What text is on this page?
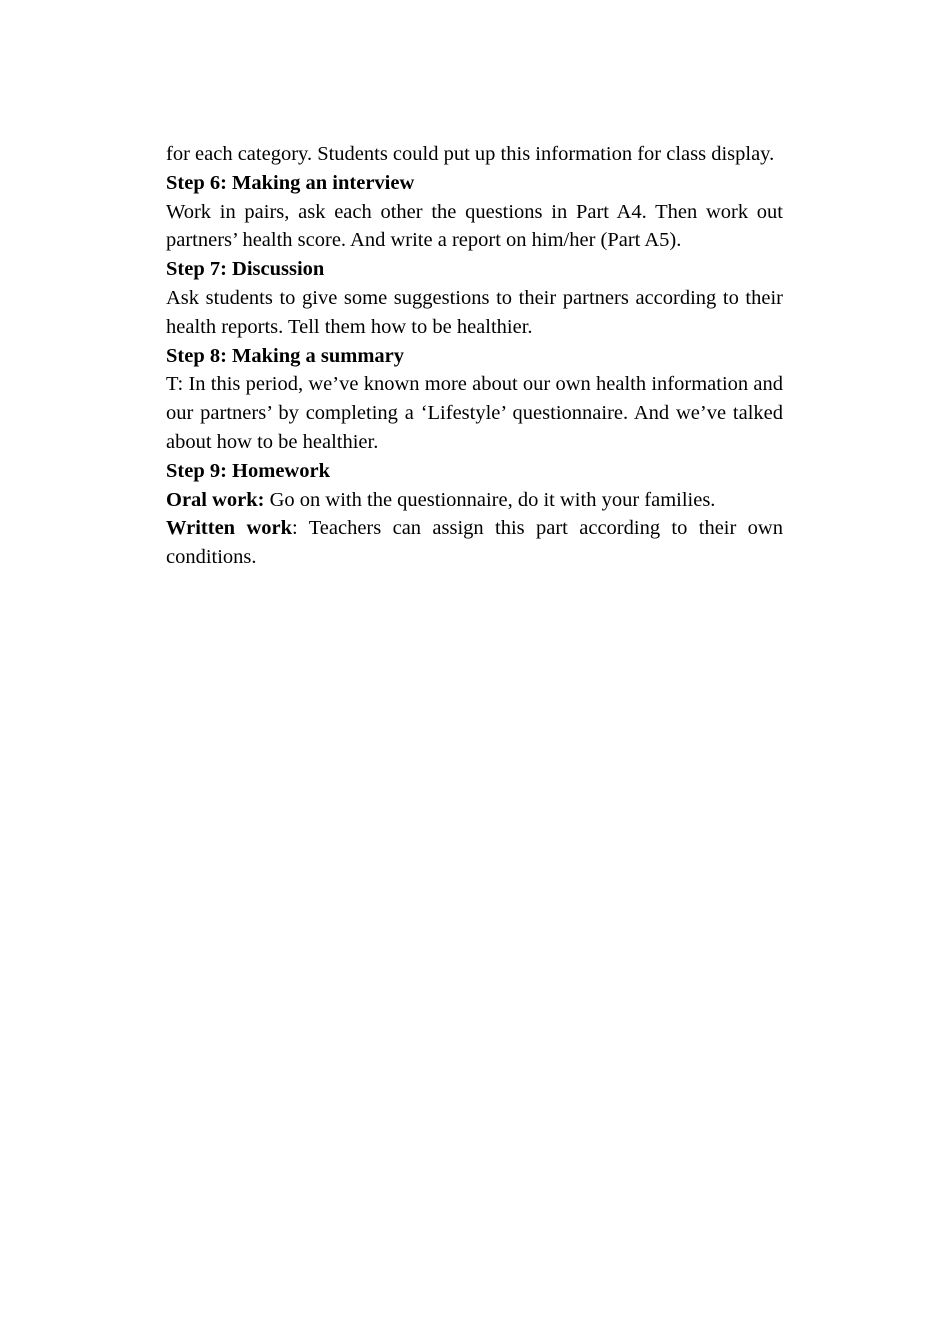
for each category. Students could put up this information for class display.

Step 6: Making an interview

Work in pairs, ask each other the questions in Part A4. Then work out partners’ health score. And write a report on him/her (Part A5).

Step 7: Discussion

Ask students to give some suggestions to their partners according to their health reports. Tell them how to be healthier.

Step 8: Making a summary

T: In this period, we’ve known more about our own health information and our partners’ by completing a ‘Lifestyle’ questionnaire. And we’ve talked about how to be healthier.

Step 9: Homework

Oral work: Go on with the questionnaire, do it with your families.

Written work: Teachers can assign this part according to their own conditions.
